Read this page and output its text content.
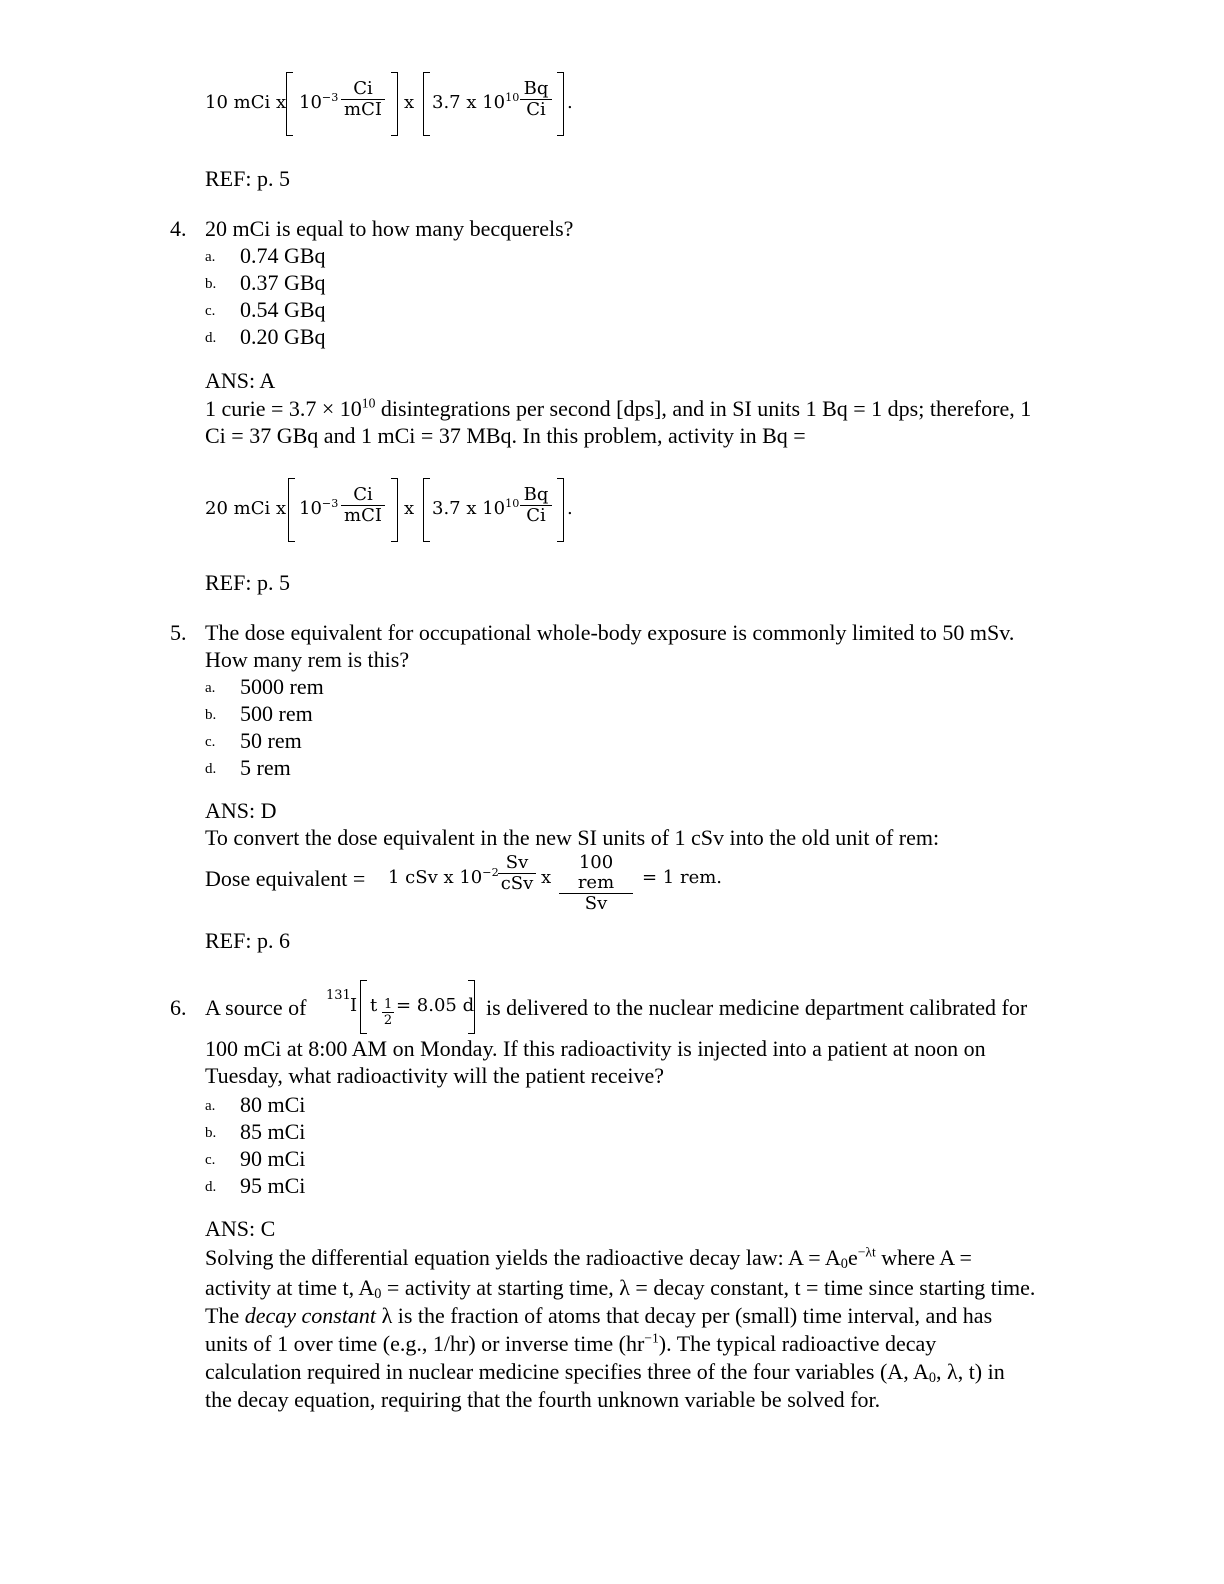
10 mCi x $10^{-3}$ Ci
mCI x 3.7 x $10^{10} \frac{Bq}{Ci}$ .
REF: p. 5
4. 20 mCi is equal to how many becquerels?
a. 0.74 GBq
b. 0.37 GBq
c. 0.54 GBq
d. 0.20 GBq
ANS: A
1 curie = $3.7 \times 10^{10}$ disintegrations per second [dps], and in SI units 1 Bq = 1 dps; therefore, 1
Ci = 37 GBq and 1 mCi = 37 MBq. In this problem, activity in Bq =
20 mCi x $10^{-3}$ Ci
mCI x 3.7 x $10^{10} \frac{Bq}{Ci}$ .
REF: p. 5
5. The dose equivalent for occupational whole-body exposure is commonly limited to 50 mSv.
How many rem is this?
a. 5000 rem
b. 500 rem
c. 50 rem
d. 5 rem
ANS: D
To convert the dose equivalent in the new SI units of 1 cSv into the old unit of rem:
Dose equivalent = 1 cSv x $10^{-2}$ Sv
cSv x
100 rem
Sv
= 1 rem.
REF: p. 6
6. A source of 131 I t $\frac{1}{2} = 8.05$ d is delivered to the nuclear medicine department calibrated for
100 mCi at 8:00 AM on Monday. If this radioactivity is injected into a patient at noon on
Tuesday, what radioactivity will the patient receive?
a. 80 mCi
b. 85 mCi
c. 90 mCi
d. 95 mCi
ANS: C
Solving the differential equation yields the radioactive decay law: $A = A_0e^{-\lambda t}$ where A =
activity at time t, $A_0$ = activity at starting time, λ = decay constant, t = time since starting time.
The decay constant λ is the fraction of atoms that decay per (small) time interval, and has
units of 1 over time (e.g., 1/hr) or inverse time $(hr^{-1})$. The typical radioactive decay
calculation required in nuclear medicine specifies three of the four variables (A, $A_0$, λ, t) in
the decay equation, requiring that the fourth unknown variable be solved for.
